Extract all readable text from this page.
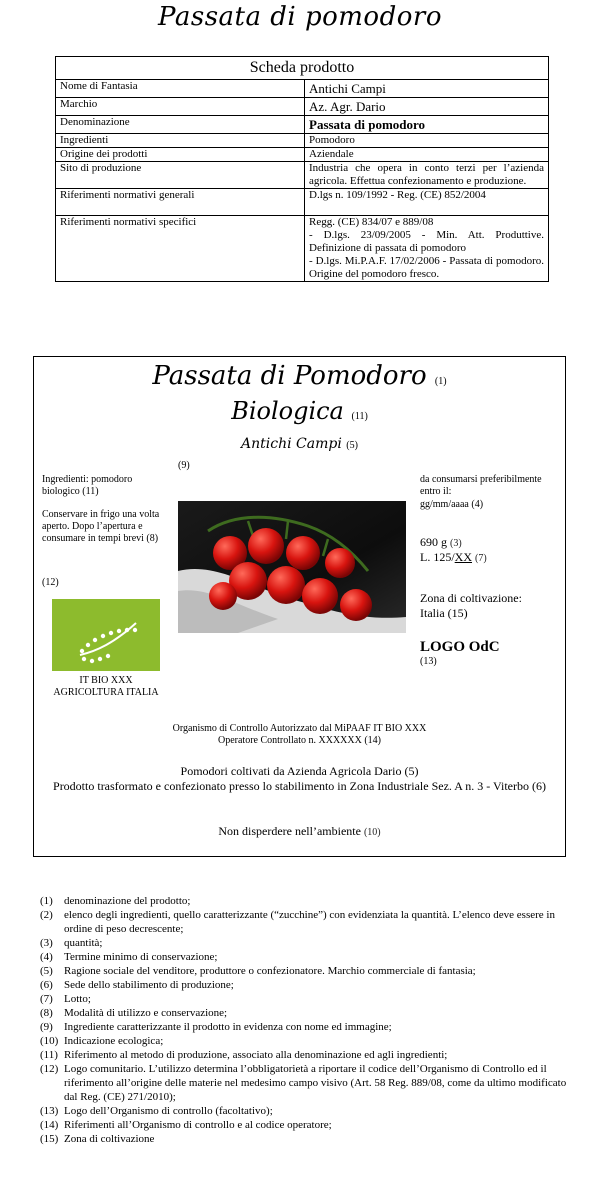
Passata di pomodoro
Scheda prodotto	
Nome di Fantasia	Antichi Campi
Marchio	Az. Agr. Dario
Denominazione	Passata di pomodoro
Ingredienti	Pomodoro
Origine dei prodotti	Aziendale
Sito di produzione	Industria che opera in conto terzi per l’azienda agricola. Effettua confezionamento e produzione.
Riferimenti normativi generali	D.lgs n. 109/1992 - Reg. (CE) 852/2004
Riferimenti normativi specifici	Regg. (CE) 834/07 e 889/08
- D.lgs. 23/09/2005 - Min. Att. Produttive. Definizione di passata di pomodoro
- D.lgs. Mi.P.A.F. 17/02/2006 - Passata di pomodoro. Origine del pomodoro fresco.
Passata di Pomodoro (1)
Biologica (11)
Antichi Campi (5)
(9)
Ingredienti: pomodoro biologico (11)
Conservare in frigo una volta aperto. Dopo l’apertura e consumare in tempi brevi (8)
(12)
IT BIO XXX
AGRICOLTURA ITALIA
da consumarsi preferibilmente entro il:
gg/mm/aaaa (4)
690 g (3)
L. 125/XX (7)
Zona di coltivazione:
Italia (15)
LOGO OdC
(13)
Organismo di Controllo Autorizzato dal MiPAAF IT BIO XXX
Operatore Controllato n. XXXXXX (14)
Pomodori coltivati da Azienda Agricola Dario (5)
Prodotto trasformato e confezionato presso lo stabilimento in Zona Industriale Sez. A n. 3 - Viterbo (6)
Non disperdere nell’ambiente (10)
(1) denominazione del prodotto;
(2) elenco degli ingredienti, quello caratterizzante (“zucchine”) con evidenziata la quantità. L’elenco deve essere in ordine di peso decrescente;
(3) quantità;
(4) Termine minimo di conservazione;
(5) Ragione sociale del venditore, produttore o confezionatore. Marchio commerciale di fantasia;
(6) Sede dello stabilimento di produzione;
(7) Lotto;
(8) Modalità di utilizzo e conservazione;
(9) Ingrediente caratterizzante il prodotto in evidenza con nome ed immagine;
(10) Indicazione ecologica;
(11) Riferimento al metodo di produzione, associato alla denominazione ed agli ingredienti;
(12) Logo comunitario. L’utilizzo determina l’obbligatorietà a riportare il codice dell’Organismo di Controllo ed il riferimento all’origine delle materie nel medesimo campo visivo (Art. 58 Reg. 889/08, come da ultimo modificato dal Reg. (CE) 271/2010);
(13) Logo dell’Organismo di controllo (facoltativo);
(14) Riferimenti all’Organismo di controllo e al codice operatore;
(15) Zona di coltivazione
